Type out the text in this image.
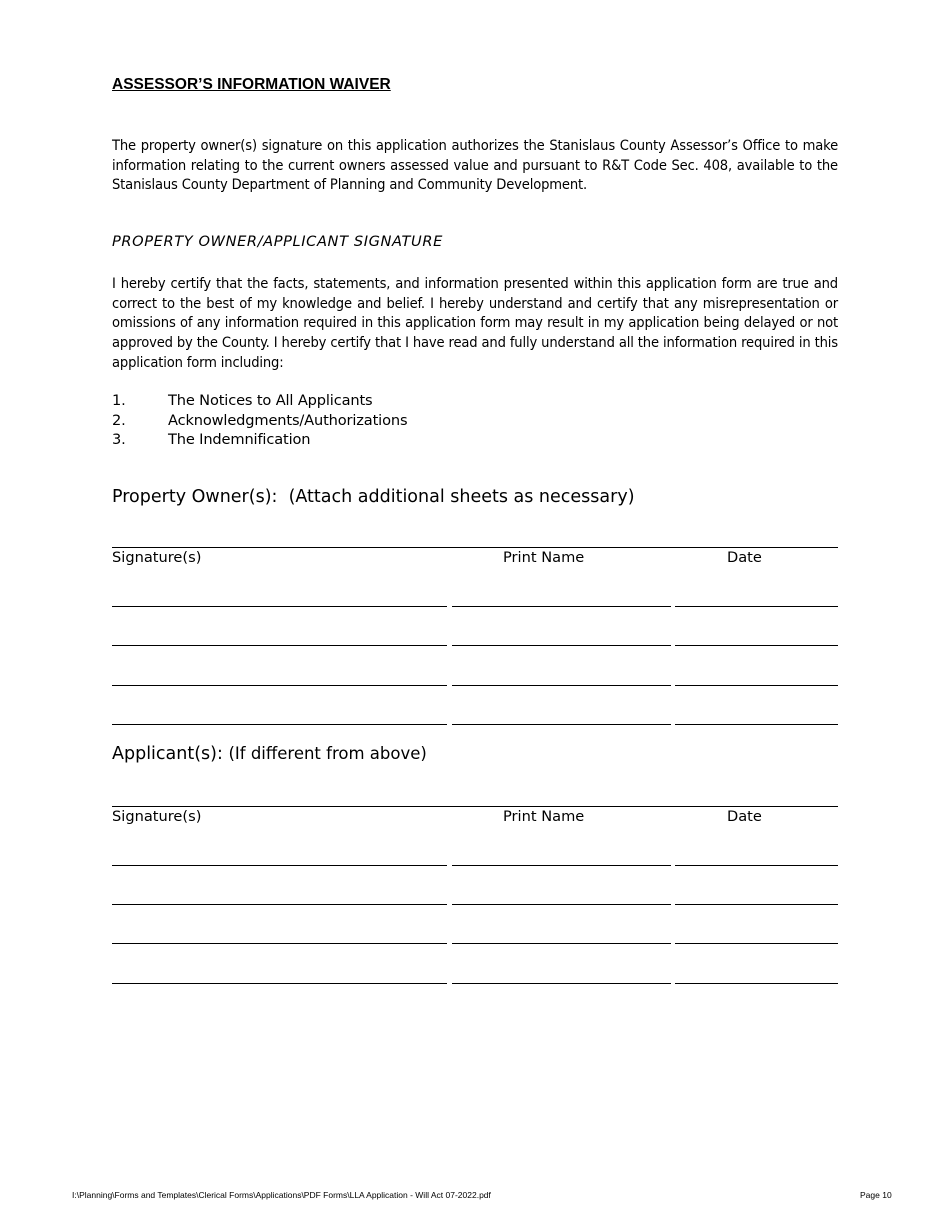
ASSESSOR’S INFORMATION WAIVER

The property owner(s) signature on this application authorizes the Stanislaus County Assessor’s Office to make information relating to the current owners assessed value and pursuant to R&T Code Sec. 408, available to the Stanislaus County Department of Planning and Community Development.

PROPERTY OWNER/APPLICANT SIGNATURE

I hereby certify that the facts, statements, and information presented within this application form are true and correct to the best of my knowledge and belief. I hereby understand and certify that any misrepresentation or omissions of any information required in this application form may result in my application being delayed or not approved by the County. I hereby certify that I have read and fully understand all the information required in this application form including:

1.	The Notices to All Applicants
2.	Acknowledgments/Authorizations
3.	The Indemnification

Property Owner(s): (Attach additional sheets as necessary)

Signature(s)	Print Name	Date

Applicant(s): (If different from above)

Signature(s)	Print Name	Date

I:\Planning\Forms and Templates\Clerical Forms\Applications\PDF Forms\LLA Application - Will Act 07-2022.pdf	Page 10
